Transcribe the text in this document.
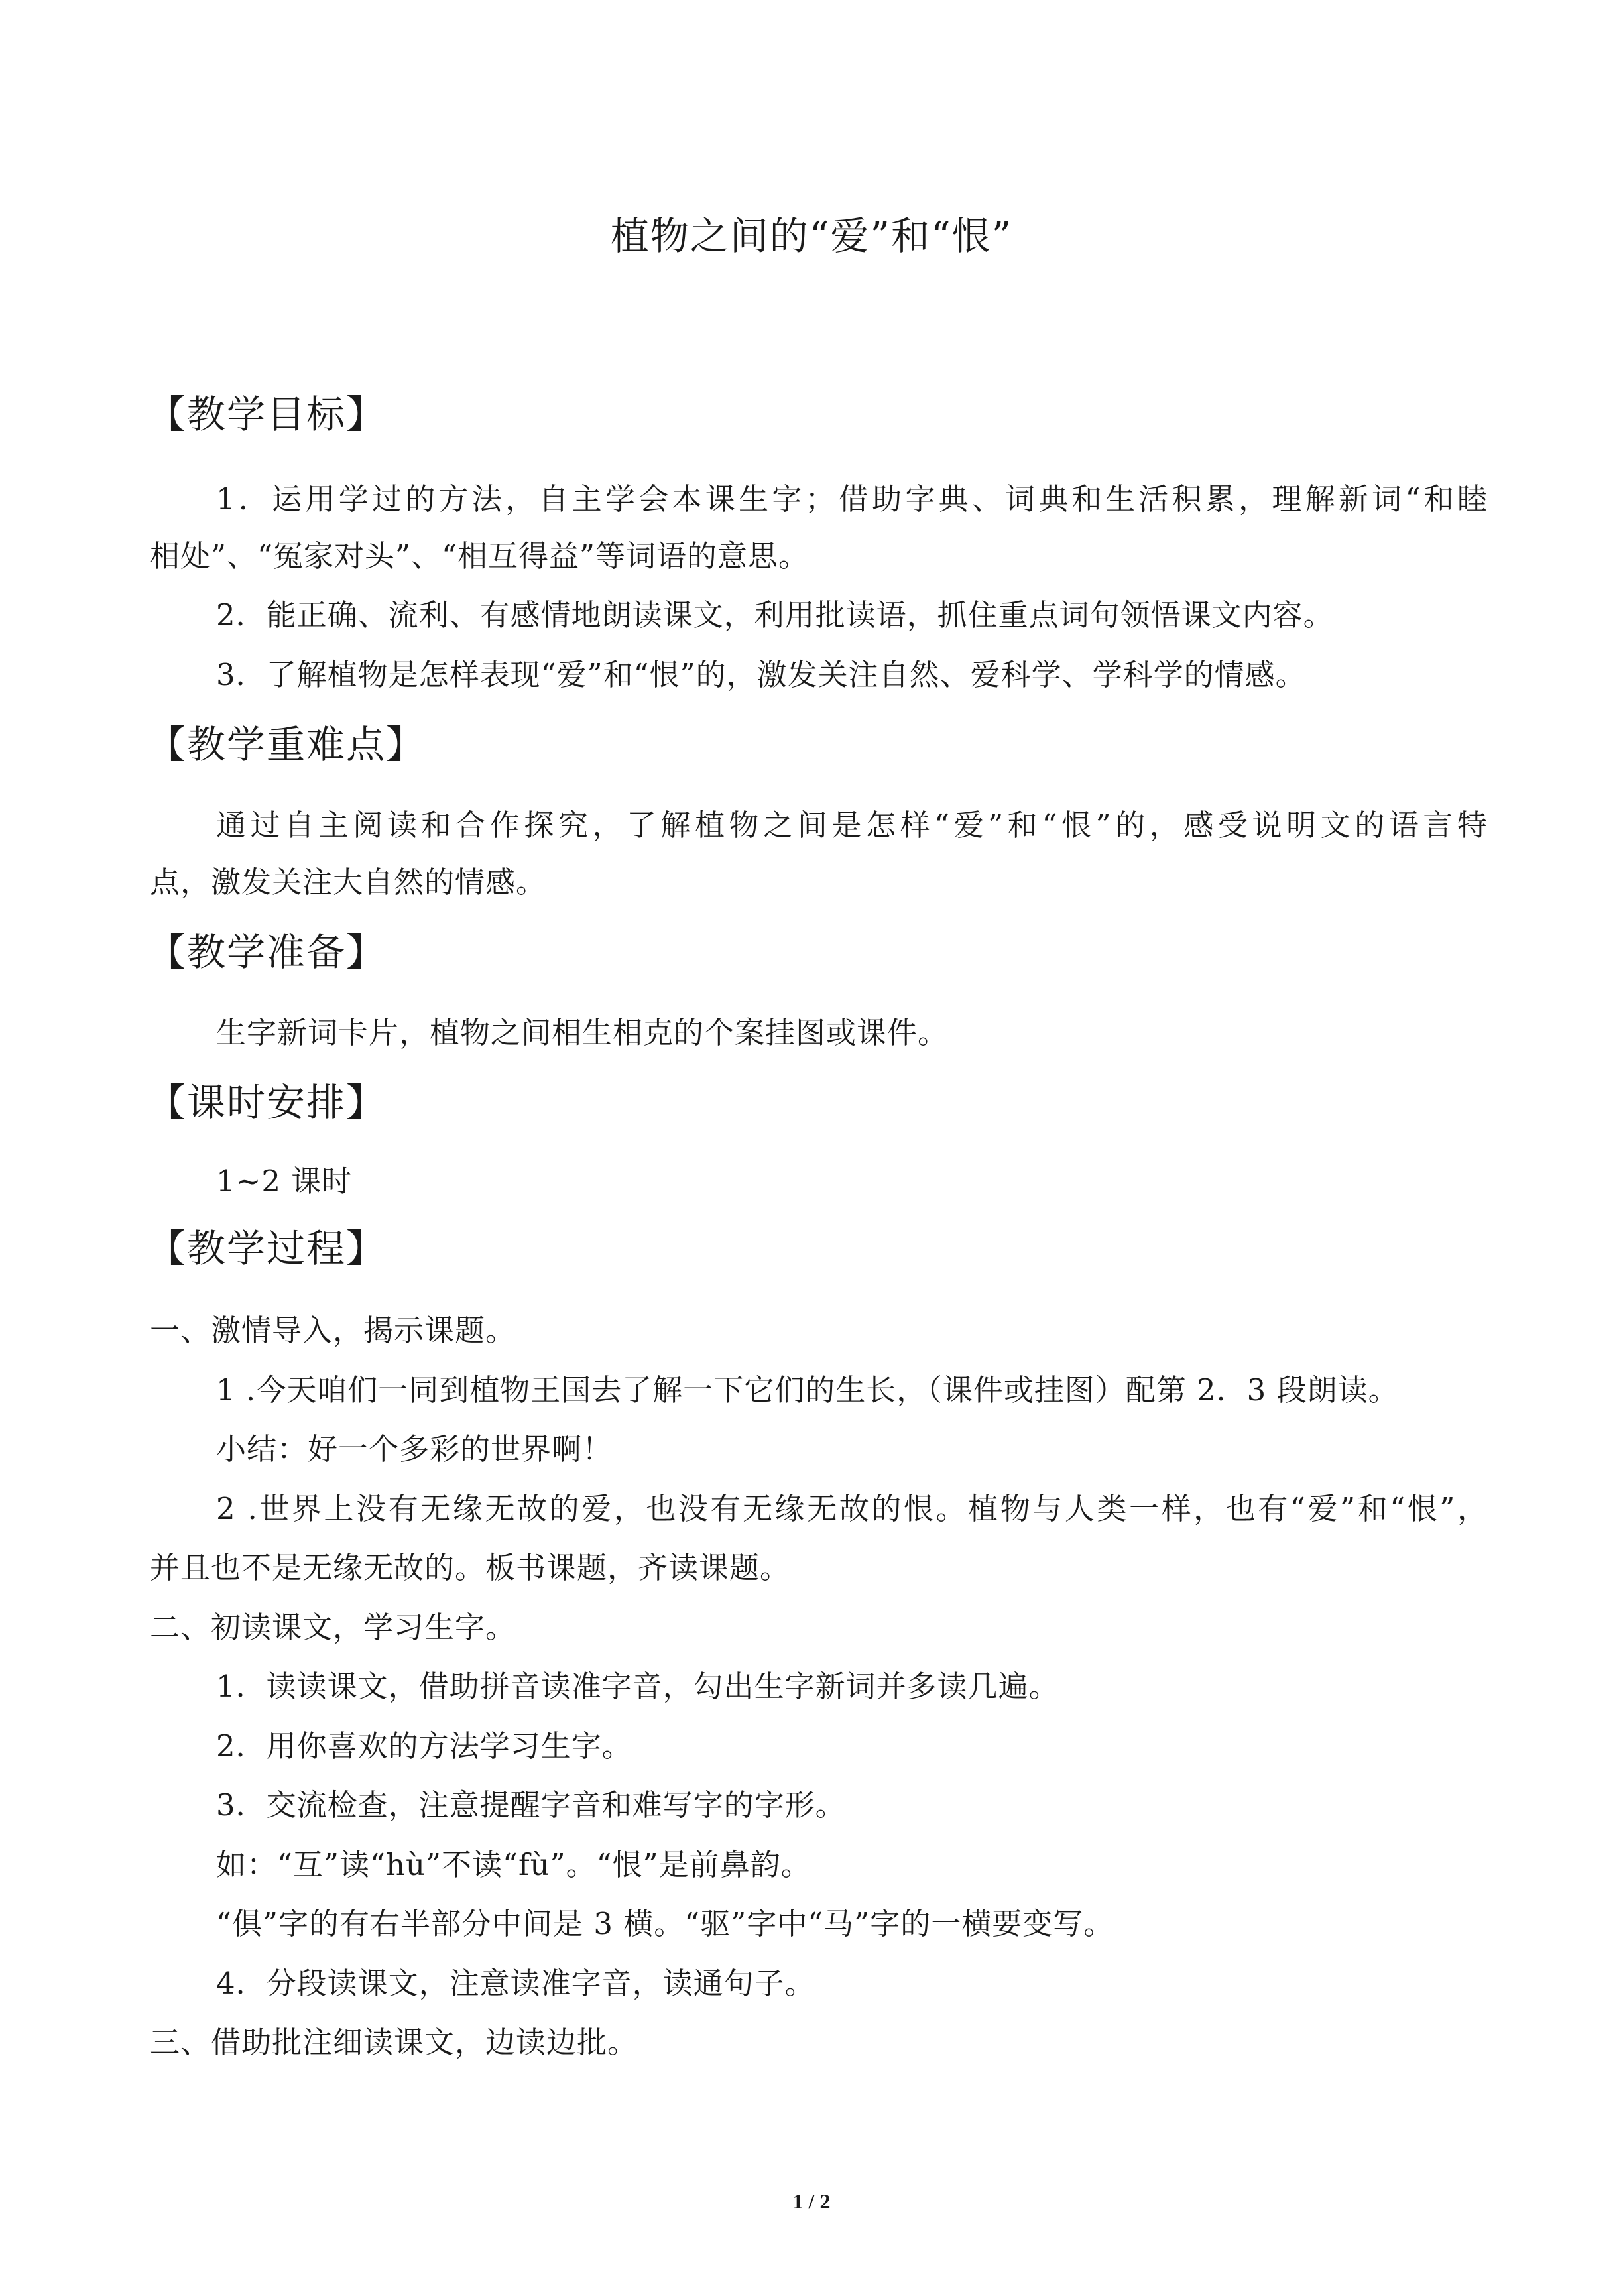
植物之间的“爱”和“恨”
【教学目标】
1．运用学过的方法，自主学会本课生字；借助字典、词典和生活积累，理解新词“和睦
相处”、“冤家对头”、“相互得益”等词语的意思。
2．能正确、流利、有感情地朗读课文，利用批读语，抓住重点词句领悟课文内容。
3．了解植物是怎样表现“爱”和“恨”的，激发关注自然、爱科学、学科学的情感。
【教学重难点】
通过自主阅读和合作探究，了解植物之间是怎样“爱”和“恨”的，感受说明文的语言特
点，激发关注大自然的情感。
【教学准备】
生字新词卡片，植物之间相生相克的个案挂图或课件。
【课时安排】
1~2 课时
【教学过程】
一、激情导入，揭示课题。
1 .今天咱们一同到植物王国去了解一下它们的生长，（课件或挂图）配第 2．3 段朗读。
小结：好一个多彩的世界啊！
2 .世界上没有无缘无故的爱，也没有无缘无故的恨。植物与人类一样，也有“爱”和“恨”，
并且也不是无缘无故的。板书课题，齐读课题。
二、初读课文，学习生字。
1．读读课文，借助拼音读准字音，勾出生字新词并多读几遍。
2．用你喜欢的方法学习生字。
3．交流检查，注意提醒字音和难写字的字形。
如：“互”读“hù”不读“fù”。“恨”是前鼻韵。
“俱”字的有右半部分中间是 3 横。“驱”字中“马”字的一横要变写。
4．分段读课文，注意读准字音，读通句子。
三、借助批注细读课文，边读边批。
1 / 2
